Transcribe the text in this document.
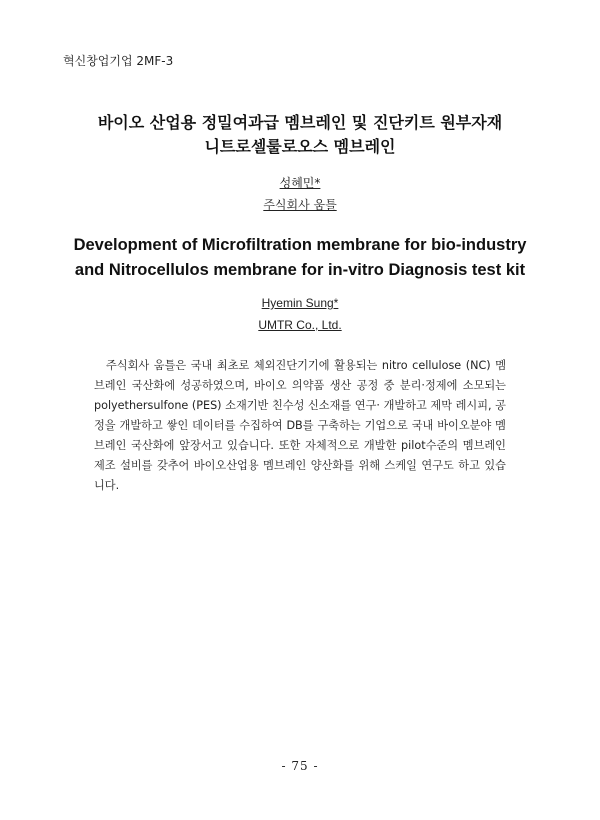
혁신창업기업 2MF-3
바이오 산업용 정밀여과급 멤브레인 및 진단키트 원부자재
니트로셀룰로오스 멤브레인
성혜민*
주식회사 움틀
Development of Microfiltration membrane for bio-industry
and Nitrocellulos membrane for in-vitro Diagnosis test kit
Hyemin Sung*
UMTR Co., Ltd.
주식회사 움틀은 국내 최초로 체외진단기기에 활용되는 nitro cellulose (NC) 멤브레인 국산화에 성공하였으며, 바이오 의약품 생산 공정 중 분리·정제에 소모되는 polyethersulfone (PES) 소재기반 친수성 신소재를 연구· 개발하고 제막 레시피, 공정을 개발하고 쌓인 데이터를 수집하여 DB를 구축하는 기업으로 국내 바이오분야 멤브레인 국산화에 앞장서고 있습니다. 또한 자체적으로 개발한 pilot수준의 멤브레인 제조 설비를 갖추어 바이오산업용 멤브레인 양산화를 위해 스케일 연구도 하고 있습니다.
- 75 -
